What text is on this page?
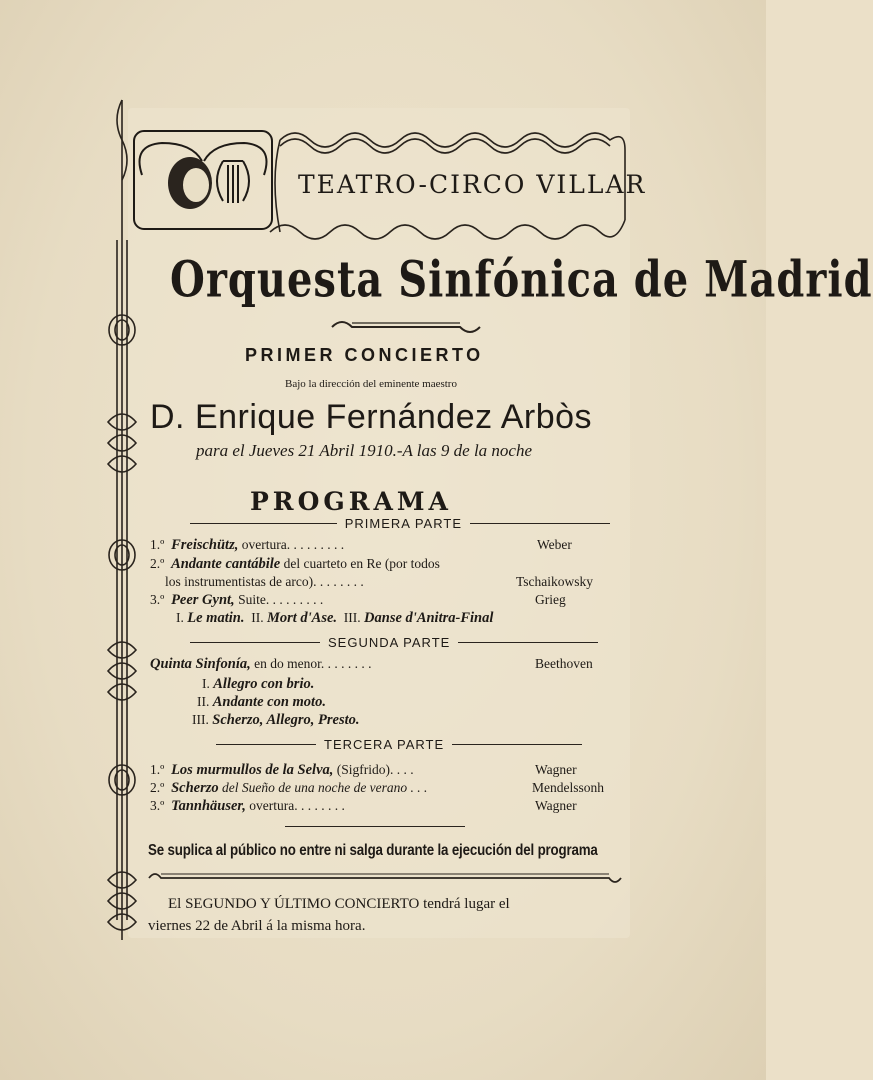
TEATRO-CIRCO VILLAR
Orquesta Sinfónica de Madrid
PRIMER CONCIERTO
Bajo la dirección del eminente maestro
D. Enrique Fernández Arbòs
para el Jueves 21 Abril 1910.-A las 9 de la noche
PROGRAMA
PRIMERA PARTE
1.º Freischütz, overtura. . . . . . . . .	Weber
2.º Andante cantábile del cuarteto en Re (por todos
los instrumentistas de arco). . . . . . . .	Tschaikowsky
3.º Peer Gynt, Suite. . . . . . . . .	Grieg
I. Le matin. II. Mort d'Ase. III. Danse d'Anitra-Final
SEGUNDA PARTE
Quinta Sinfonía, en do menor. . . . . . . .	Beethoven
I. Allegro con brio.
II. Andante con moto.
III. Scherzo, Allegro, Presto.
TERCERA PARTE
1.º Los murmullos de la Selva, (Sigfrido). . . .	Wagner
2.º Scherzo del Sueño de una noche de verano . . .	Mendelssonh
3.º Tannhäuser, overtura. . . . . . . .	Wagner
Se suplica al público no entre ni salga durante la ejecución del programa
El SEGUNDO Y ÚLTIMO CONCIERTO tendrá lugar el
viernes 22 de Abril á la misma hora.
